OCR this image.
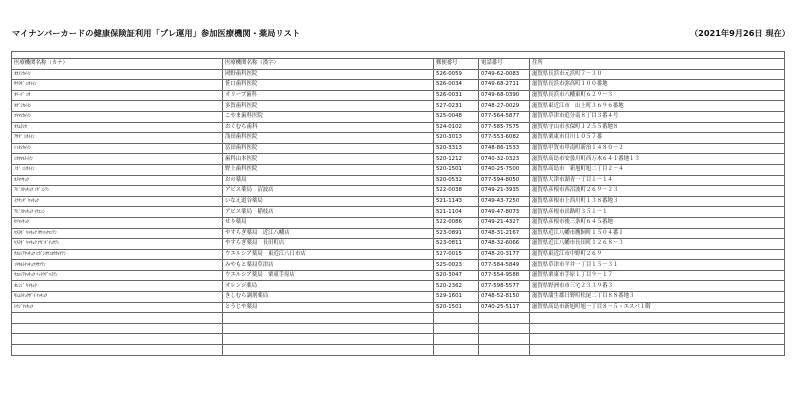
マイナンバーカードの健康保険証利用「プレ運用」参加医療機関・薬局リスト	（2021年9月26日 現在）

医療機関名称（カナ）	医療機関名称（漢字）	郵便番号	電話番号	住所
ｵｶﾉｼｶｲｲﾝ	岡野歯科医院	526-0059	0749-62-0083	滋賀県長浜市元浜町７－３０
ｻｸﾗｷﾞ ｼｶｲｲﾝ	笹口歯科医院	526-0034	0749-68-2711	滋賀県長浜市弥高町１００番地
ｵﾘｰﾌﾞ ｼｶ	オリーブ歯科	526-0031	0749-68-0390	滋賀県長浜市八幡東町６２９－３
ﾀｶﾞｼｶｲｲﾝ	多賀歯科医院	527-0231	0748-27-0029	滋賀県東近江市　山上町３６９６番地
ｺﾔﾏｼｶｲｲﾝ	こやま歯科医院	525-0048	077-564-5877	滋賀県草津市追分南８丁目３番４号
ｵｸﾑﾗｼｶ	おくむら歯科	524-0102	077-585-7575	滋賀県守山市水保町１２５５番地８
ｱｻﾀﾞ ｼｶｲｲﾝ	浅田歯科医院	520-3013	077-553-6082	滋賀県栗東市目川１０５７番
ﾄﾐﾀｼｶｲｲﾝ	冨田歯科医院	520-3313	0748-86-1533	滋賀県甲賀市甲南町新治１４８０－２
ｼｶﾔﾏﾓﾄｲｲﾝ	歯科山本医院	520-1212	0740-32-0323	滋賀県高島市安曇川町西万木６４１番地１３
ﾉｶﾞ ﾐｼｶｲｲﾝ	野上歯科医院	520-1501	0740-25-7500	滋賀県高島市　新旭町旭二丁目２－４
ｵﾉﾔﾂｷｮｸ	おの薬局	520-0532	077-594-8050	滋賀県大津市湖青一丁目１－１４
ｱﾋﾞｽﾔｯｷｮｸ ﾉﾀﾞﾐﾝﾃﾝ	アビス薬局　沼波店	522-0038	0749-21-3935	滋賀県彦根市西沼波町２６９－２３
ｲﾅｹﾝﾀﾞ ﾔｯｷｮｸ	いなえ道谷薬局	521-1143	0749-43-7250	滋賀県彦根市上西川町１３８番地３
ｱﾋﾞｽﾔｯｷｮｸ ｲﾅｴﾐﾝ	アビス薬局　稲枝店	521-1104	0749-47-8073	滋賀県彦根市出路町３５１－１
ｾﾘﾔｯｷｮｸ	せり薬局	522-0086	0749-21-4327	滋賀県彦根市後三条町６４５番地
ﾔｽﾗｷﾞ ﾔｯｷｮｸ ｵｳﾐﾊﾁﾏﾝﾃﾝ	やすらぎ薬局　近江八幡店	523-0891	0748-31-2167	滋賀県近江八幡市鷹飼町１５０４番１
ﾔｽﾗｷﾞ ﾔｯｷｮｸ ﾅｶﾞﾀﾞﾁｮｳﾃﾝ	やすらぎ薬局　長田町店	523-0811	0748-32-6066	滋賀県近江八幡市長田町１２６８－３
ｳｴﾙｼｱﾔｯｷｮｸ ﾋｶﾞｼｵｳﾐﾖｳｶｲﾁﾃﾝ	ウエルシア薬局　東近江八日市店	527-0015	0748-20-3177	滋賀県東近江市中野町２６９
ﾐﾔｷﾓﾄﾔｯｷｮｸｸｻﾂﾃﾝ	みやもと薬局草津店	525-0023	077-584-5849	滋賀県草津市平井一丁目１５－３１
ｳｴﾙｼｱﾔｯｷｮｸ ﾘｯﾄｳﾃﾞﾊﾗﾃﾝ	ウエルシア薬局　栗東手原店	520-3047	077-554-9588	滋賀県栗東市手原１丁目９－１７
ｵﾚﾝｼﾞ ﾔｯｷｮｸ	オレンジ薬局	520-2362	077-598-5577	滋賀県野洲市市三宅２３３９番３
ｷｼﾑﾗﾁｮｳｻﾞｲ ﾔｯｷｮｸ	きしむら調剤薬局	529-1601	0748-52-8150	滋賀県蒲生郡日野町松尾二丁目８８番地３
ﾄｳｼﾞﾔｯｷｮｸ	とうじや薬局	520-1501	0740-25-5117	滋賀県高島市新旭町旭一丁目８－５・エスパ１階
